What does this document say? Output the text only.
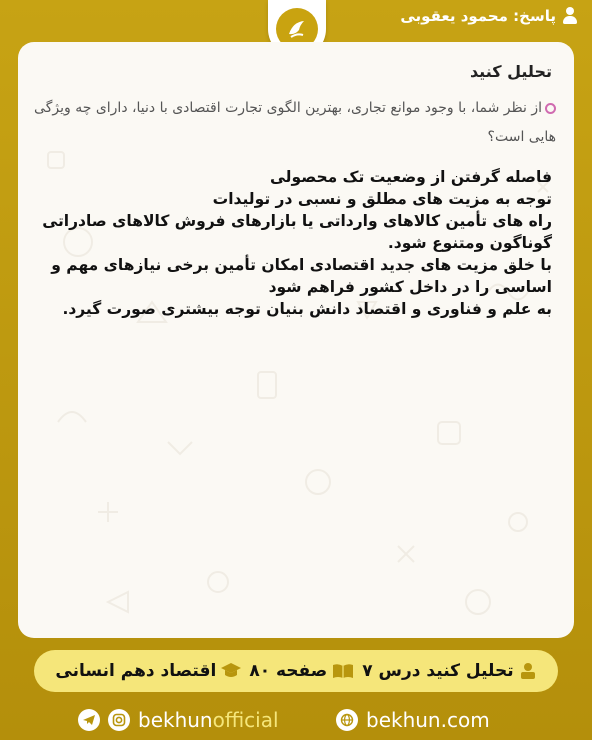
پاسخ: محمود یعقوبی
تحلیل کنید
از نظر شما، با وجود موانع تجاری، بهترین الگوی تجارت اقتصادی با دنیا، دارای چه ویژگی هایی است؟

فاصله گرفتن از وضعیت تک محصولی

توجه به مزیت های مطلق و نسبی در تولیدات

راه های تأمین کالاهای وارداتی یا بازارهای فروش کالاهای صادراتی گوناگون ومتنوع شود.

با خلق مزیت های جدید اقتصادی امکان تأمین برخی نیازهای مهم و اساسی را در داخل کشور فراهم شود

به علم و فناوری و اقتصاد دانش بنیان توجه بیشتری صورت گیرد.

تحلیل کنید درس ۷
صفحه ۸۰
اقتصاد دهم انسانی
bekhunofficial	bekhun.com
